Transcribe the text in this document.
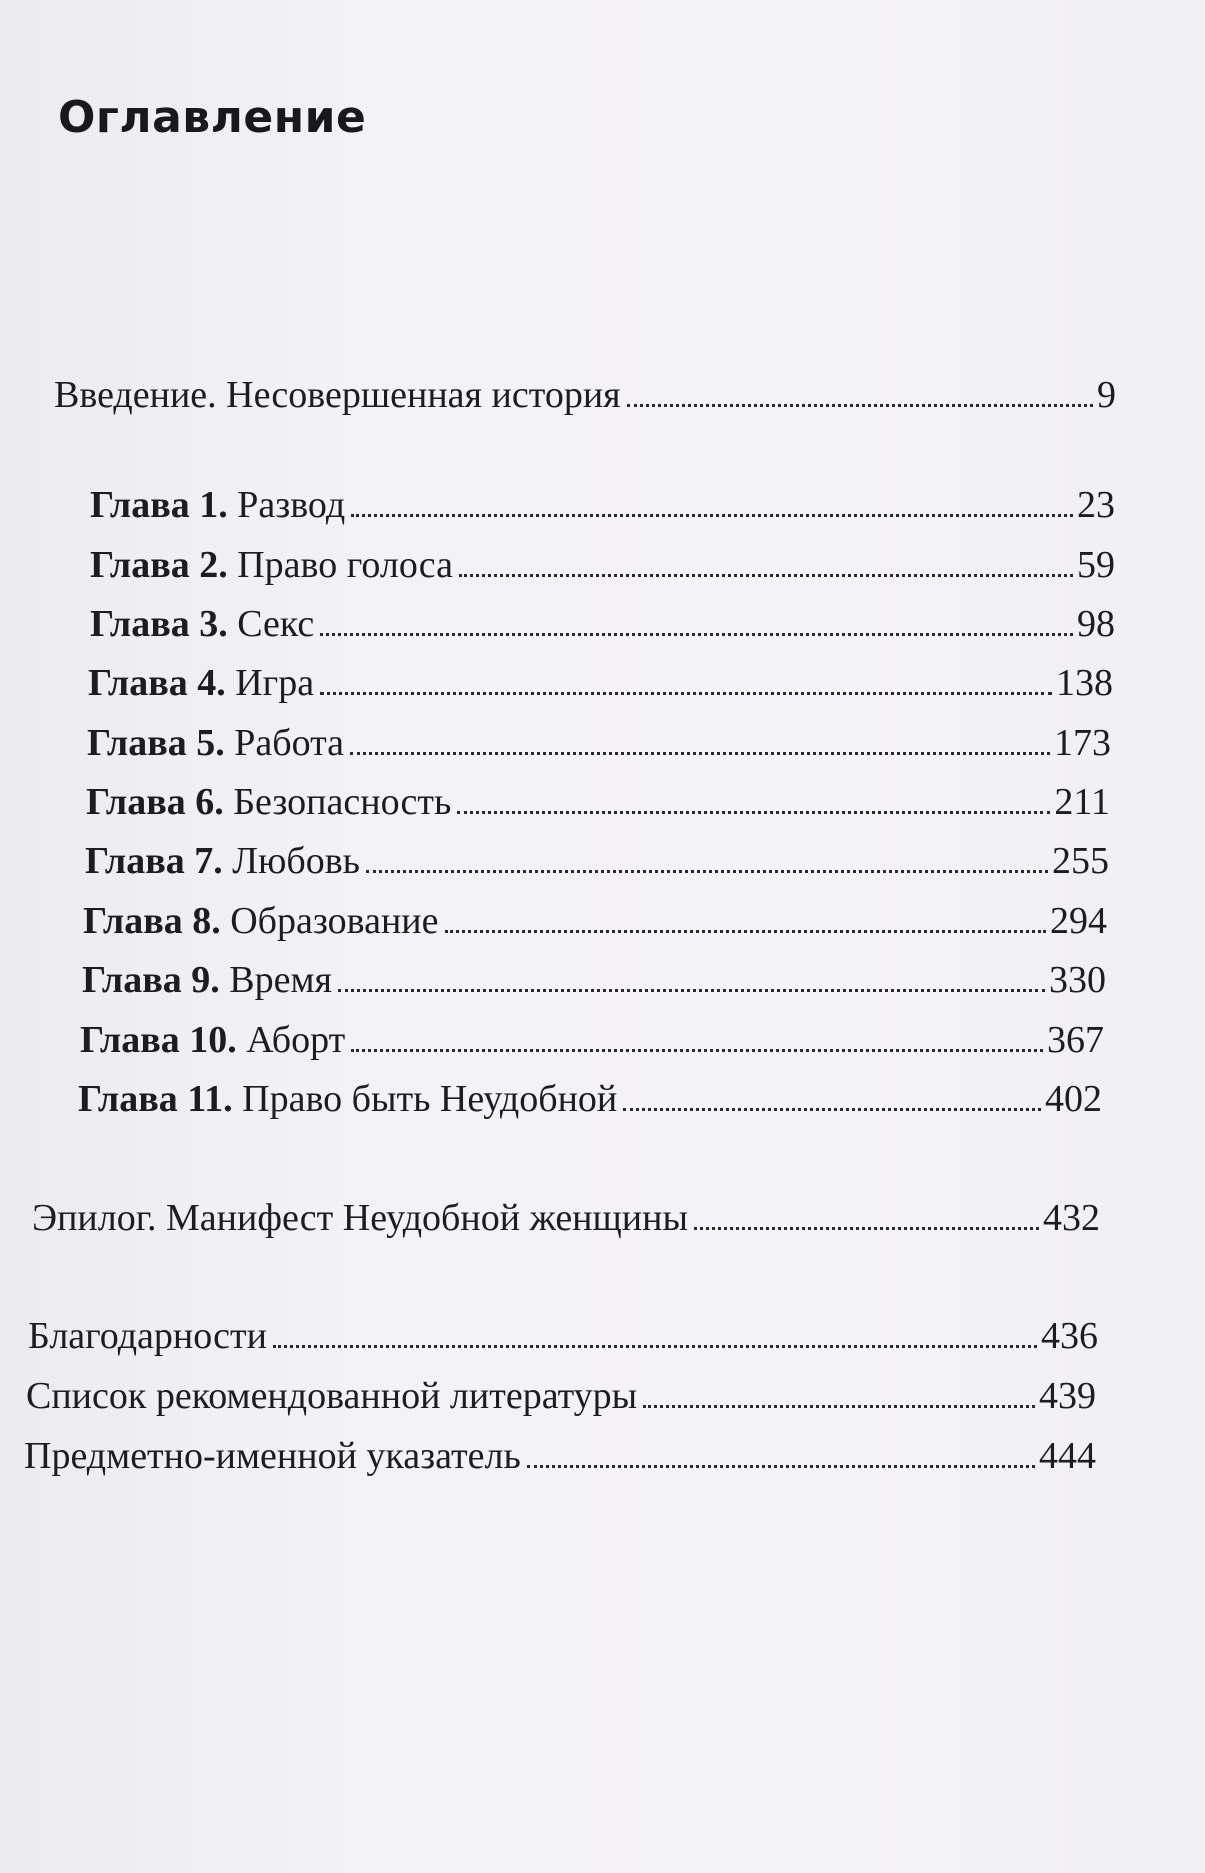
Оглавление
Введение. Несовершенная история	9
Глава 1. Развод	23
Глава 2. Право голоса	59
Глава 3. Секс	98
Глава 4. Игра	138
Глава 5. Работа	173
Глава 6. Безопасность	211
Глава 7. Любовь	255
Глава 8. Образование	294
Глава 9. Время	330
Глава 10. Аборт	367
Глава 11. Право быть Неудобной	402
Эпилог. Манифест Неудобной женщины	432
Благодарности	436
Список рекомендованной литературы	439
Предметно-именной указатель	444
